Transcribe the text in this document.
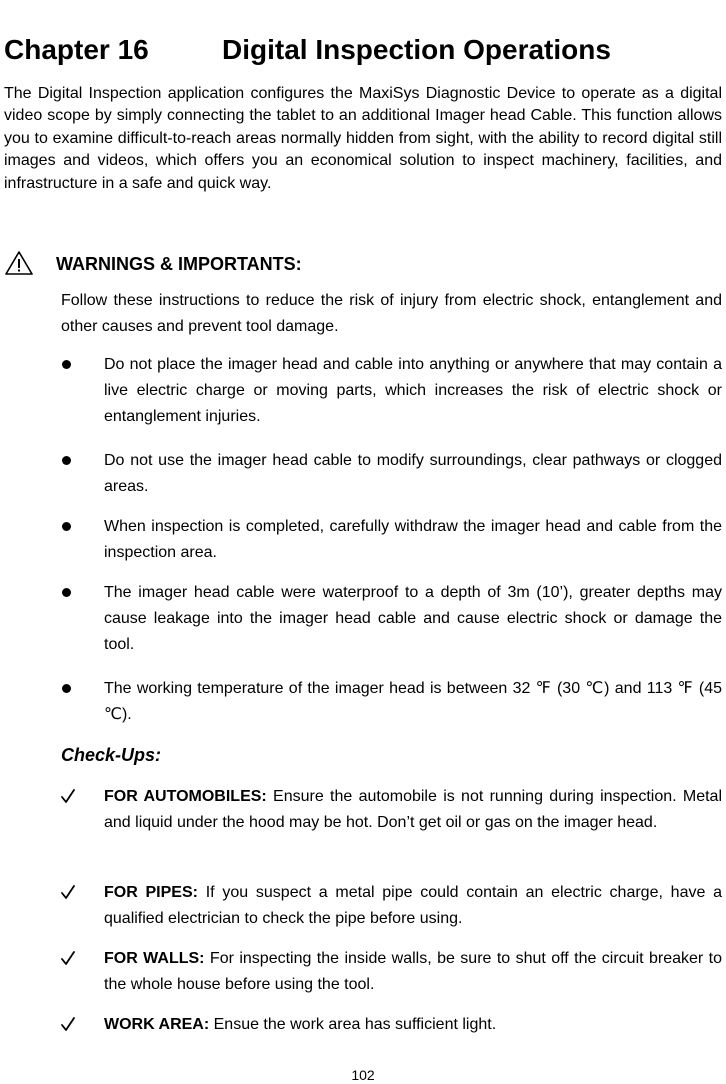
Chapter 16	Digital Inspection Operations

The Digital Inspection application configures the MaxiSys Diagnostic Device to operate as a digital video scope by simply connecting the tablet to an additional Imager head Cable. This function allows you to examine difficult-to-reach areas normally hidden from sight, with the ability to record digital still images and videos, which offers you an economical solution to inspect machinery, facilities, and infrastructure in a safe and quick way.

WARNINGS & IMPORTANTS:

Follow these instructions to reduce the risk of injury from electric shock, entanglement and other causes and prevent tool damage.

Do not place the imager head and cable into anything or anywhere that may contain a live electric charge or moving parts, which increases the risk of electric shock or entanglement injuries.

Do not use the imager head cable to modify surroundings, clear pathways or clogged areas.

When inspection is completed, carefully withdraw the imager head and cable from the inspection area.

The imager head cable were waterproof to a depth of 3m (10’), greater depths may cause leakage into the imager head cable and cause electric shock or damage the tool.

The working temperature of the imager head is between 32 ℉ (30 ℃) and 113 ℉ (45 ℃).

Check-Ups:

FOR AUTOMOBILES: Ensure the automobile is not running during inspection. Metal and liquid under the hood may be hot. Don’t get oil or gas on the imager head.

FOR PIPES: If you suspect a metal pipe could contain an electric charge, have a qualified electrician to check the pipe before using.

FOR WALLS: For inspecting the inside walls, be sure to shut off the circuit breaker to the whole house before using the tool.

WORK AREA: Ensue the work area has sufficient light.

102
